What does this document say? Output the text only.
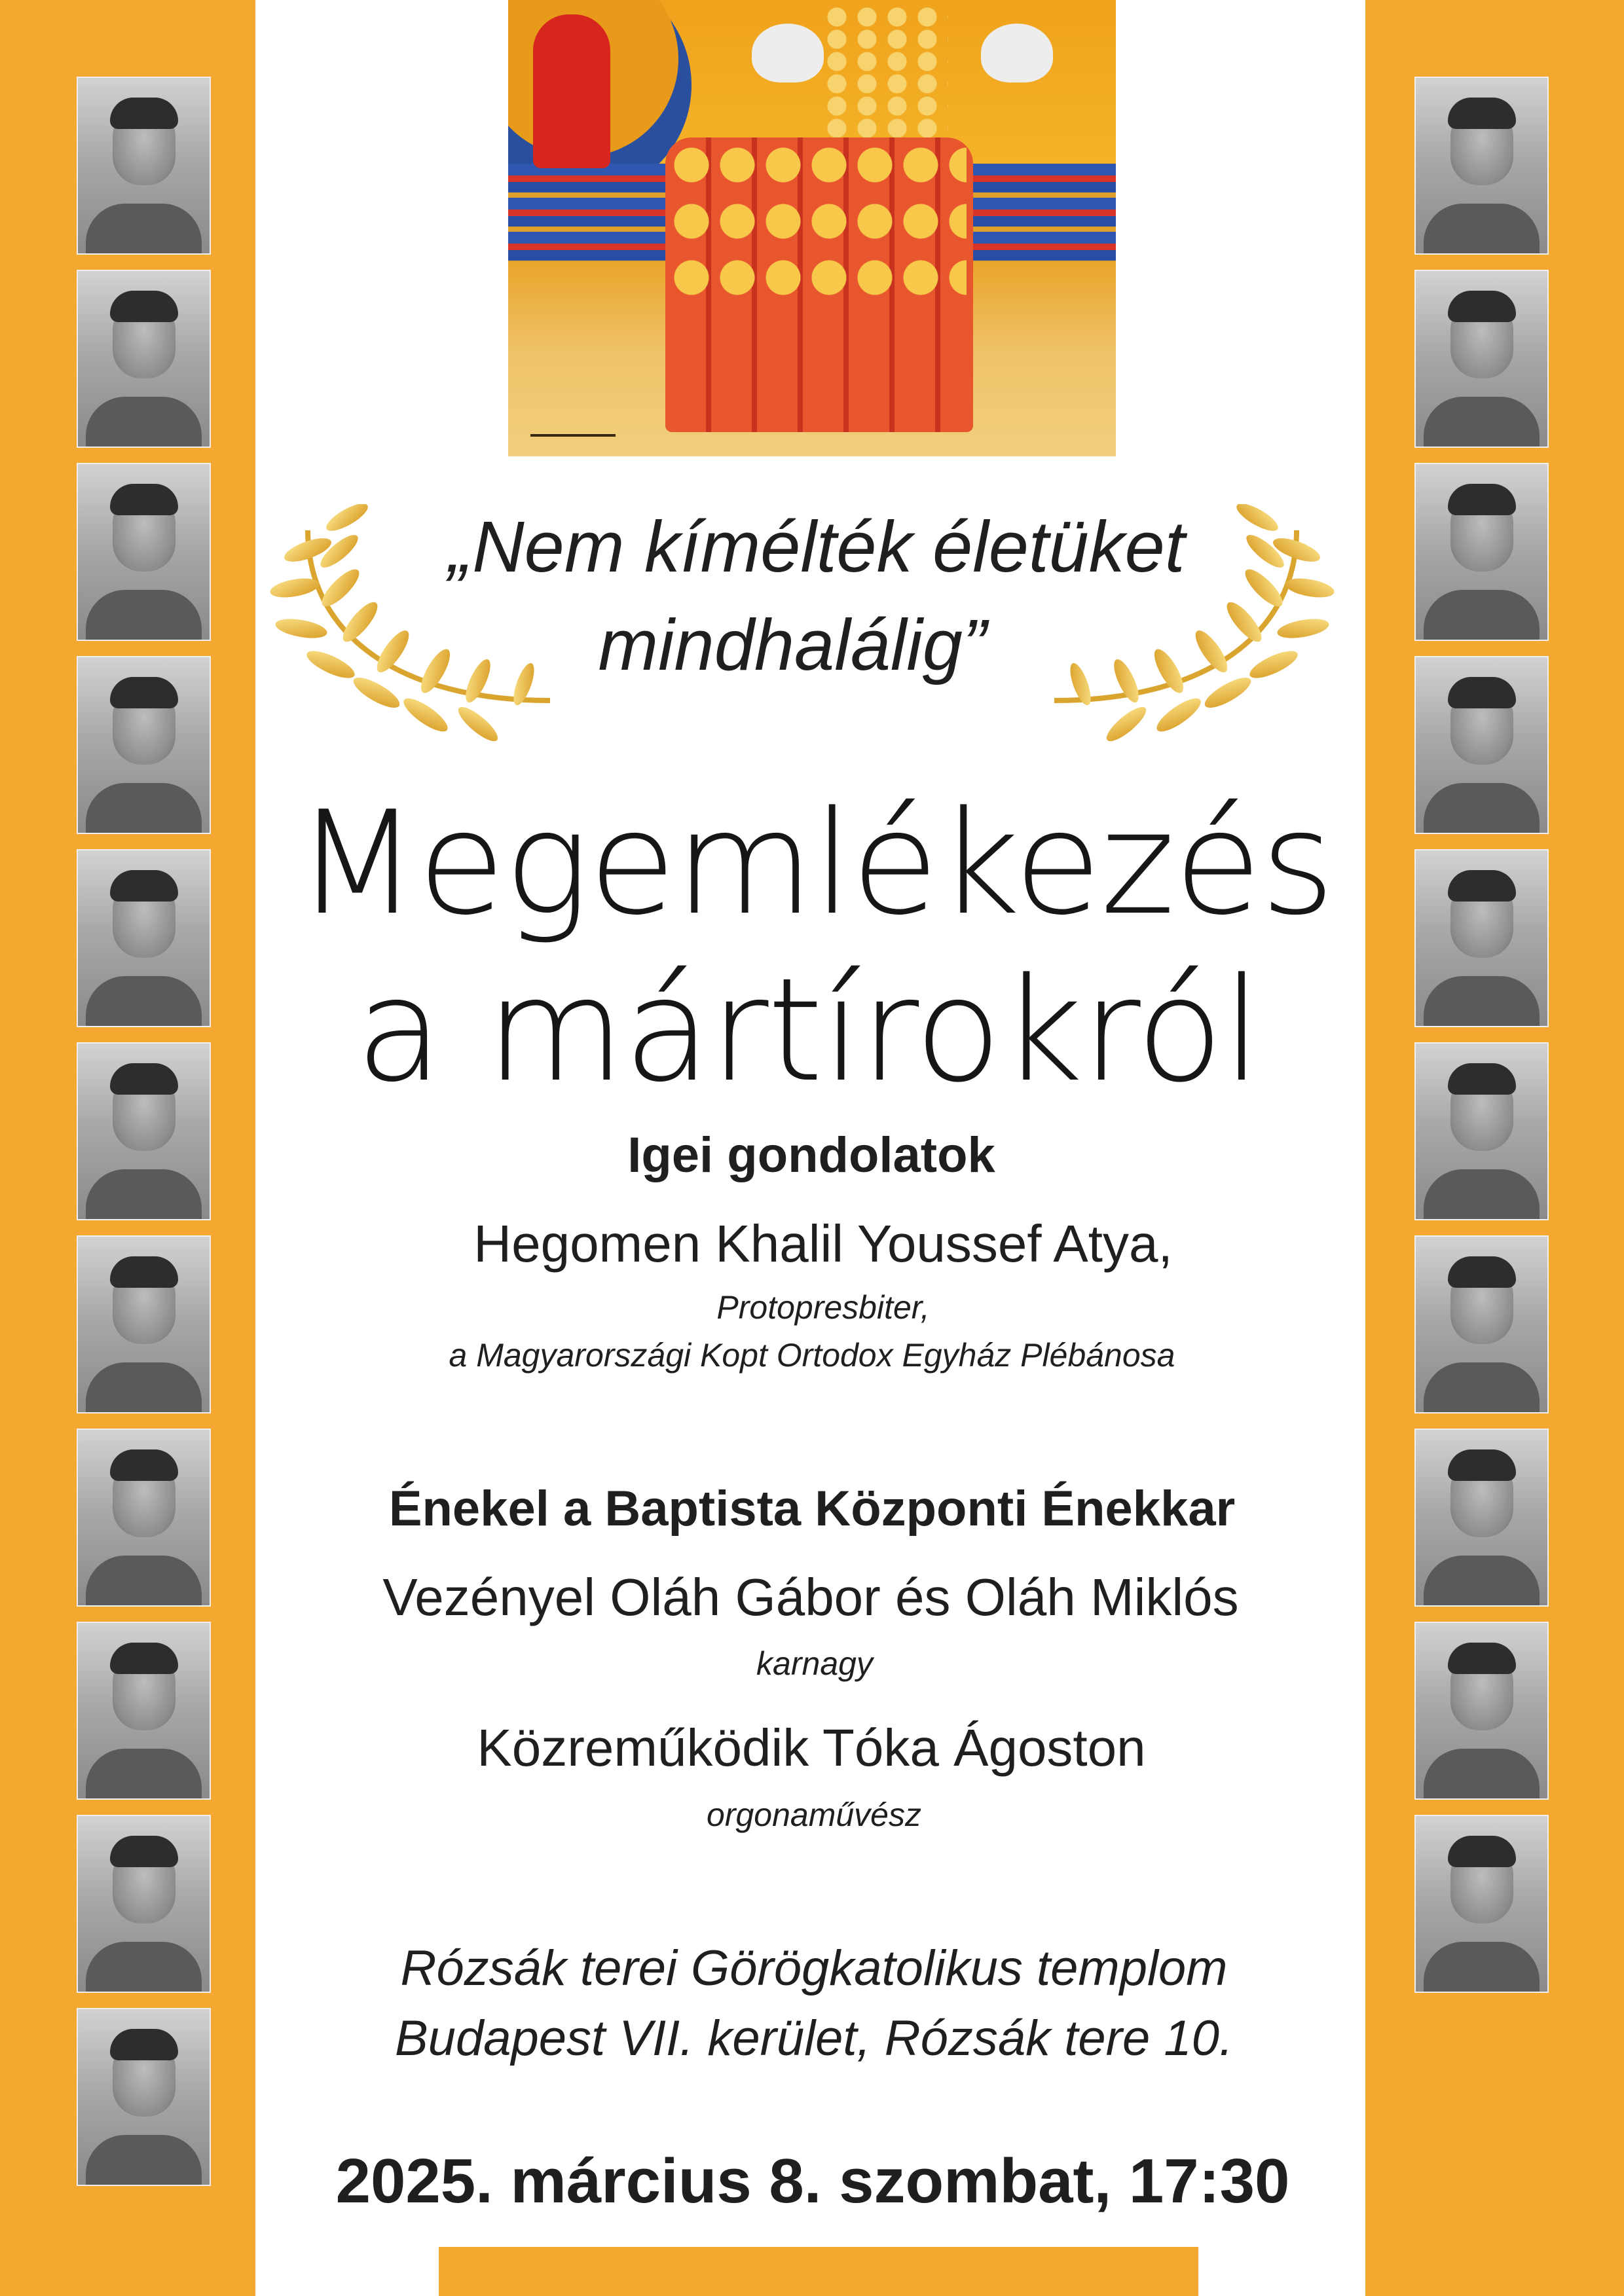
„Nem kímélték életüket

mindhalálig”

Megemlékezés
a mártírokról

Igei gondolatok

Hegomen Khalil Youssef Atya,

Protopresbiter,

a Magyarországi Kopt Ortodox Egyház Plébánosa

Énekel a Baptista Központi Énekkar

Vezényel Oláh Gábor és Oláh Miklós

karnagy

Közreműködik Tóka Ágoston

orgonaművész

Rózsák terei Görögkatolikus templom

Budapest VII. kerület, Rózsák tere 10.

2025. március 8. szombat, 17:30
